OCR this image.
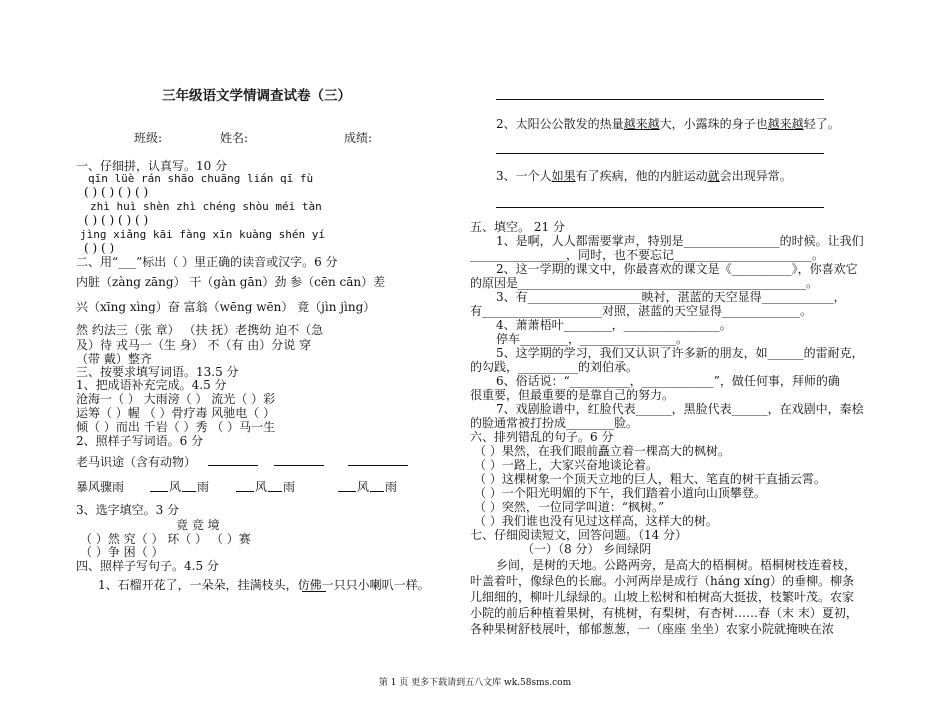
三年级语文学情调查试卷（三）
班级:	姓名:	成绩:
一、仔细拼，认真写。10 分
qīn lüè rán shāo chuāng lián qī fù
( ) ( ) ( ) ( )
zhì huì shèn zhì chéng shòu méi tàn
( ) ( ) ( ) ( )
jìng xiǎng kāi fàng xīn kuàng shén yí
( ) ( )
二、用“___”标出（ ）里正确的读音或汉字。6 分
内脏（zàng zāng） 干（gàn gān）劲 参（cēn cān）差
兴（xīng xìng）奋 富翁（wēng wēn） 竟（jìn jìng）
然 约法三（张 章） （扶 抚）老携幼 迫不（急
及）待 戎马一（生 身） 不（有 由）分说 穿
（带 戴）整齐
三、按要求填写词语。13.5 分
1、把成语补充完成。4.5 分
沧海一（ ） 大雨滂（ ） 流光（ ）彩
运筹（ ）幄 （ ）骨疗毒 风驰电（ ）
倾（ ）而出 千岩（ ）秀 （ ）马一生
2、照样子写词语。6 分
老马识途（含有动物）
暴风骤雨	风 雨	风 雨	风 雨
3、选字填空。3 分
竟 竞 境
（ ）然 究（ ） 环（ ） （ ）赛
（ ）争 困（ ）
四、照样子写句子。4.5 分
1、石榴开花了，一朵朵，挂满枝头，仿佛一只只小喇叭一样。
2、太阳公公散发的热量越来越大，小露珠的身子也越来越轻了。
3、一个人如果有了疾病，他的内脏运动就会出现异常。
五、填空。 21 分
1、是啊，人人都需要掌声，特别是________________的时候。让我们
________________，同时，也不要忘记_______________________。
2、这一学期的课文中，你最喜欢的课文是《__________》，你喜欢它
的原因是________________________________________________。
3、有___________________映衬，湛蓝的天空显得____________，
有____________________对照，湛蓝的天空显得_____________。
4、萧萧梧叶________，________________。
停车________，________________。
5、这学期的学习，我们又认识了许多新的朋友，如______的雷耐克，
的勾践，__________的刘伯承。
6、俗话说：“__________，____________”，做任何事，拜师的确
很重要，但最重要的是靠自己的努力。
7、戏剧脸谱中，红脸代表______，黑脸代表______，在戏剧中，秦桧
的脸通常被打扮成________脸。
六、排列错乱的句子。6 分
（ ）果然，在我们眼前矗立着一棵高大的枫树。
（ ）一路上，大家兴奋地谈论着。
（ ）这棵树象一个顶天立地的巨人，粗大、笔直的树干直插云霄。
（ ）一个阳光明媚的下午，我们踏着小道向山顶攀登。
（ ）突然，一位同学叫道：“枫树。”
（ ）我们谁也没有见过这样高，这样大的树。
七、仔细阅读短文，回答问题。（14 分）
（一）（8 分） 乡间绿阴
乡间，是树的天地。公路两旁，是高大的梧桐树。梧桐树枝连着枝，
叶盖着叶，像绿色的长廊。小河两岸是成行（háng xíng）的垂柳。柳条
儿细细的，柳叶儿绿绿的。山坡上松树和柏树高大挺拔，枝繁叶茂。农家
小院的前后种植着果树，有桃树，有梨树，有杏树……春（末 末）夏初，
各种果树舒枝展叶，郁郁葱葱，一（座座 坐坐）农家小院就掩映在浓
第 1 页 更多下载请到五八文库 wk.58sms.com
